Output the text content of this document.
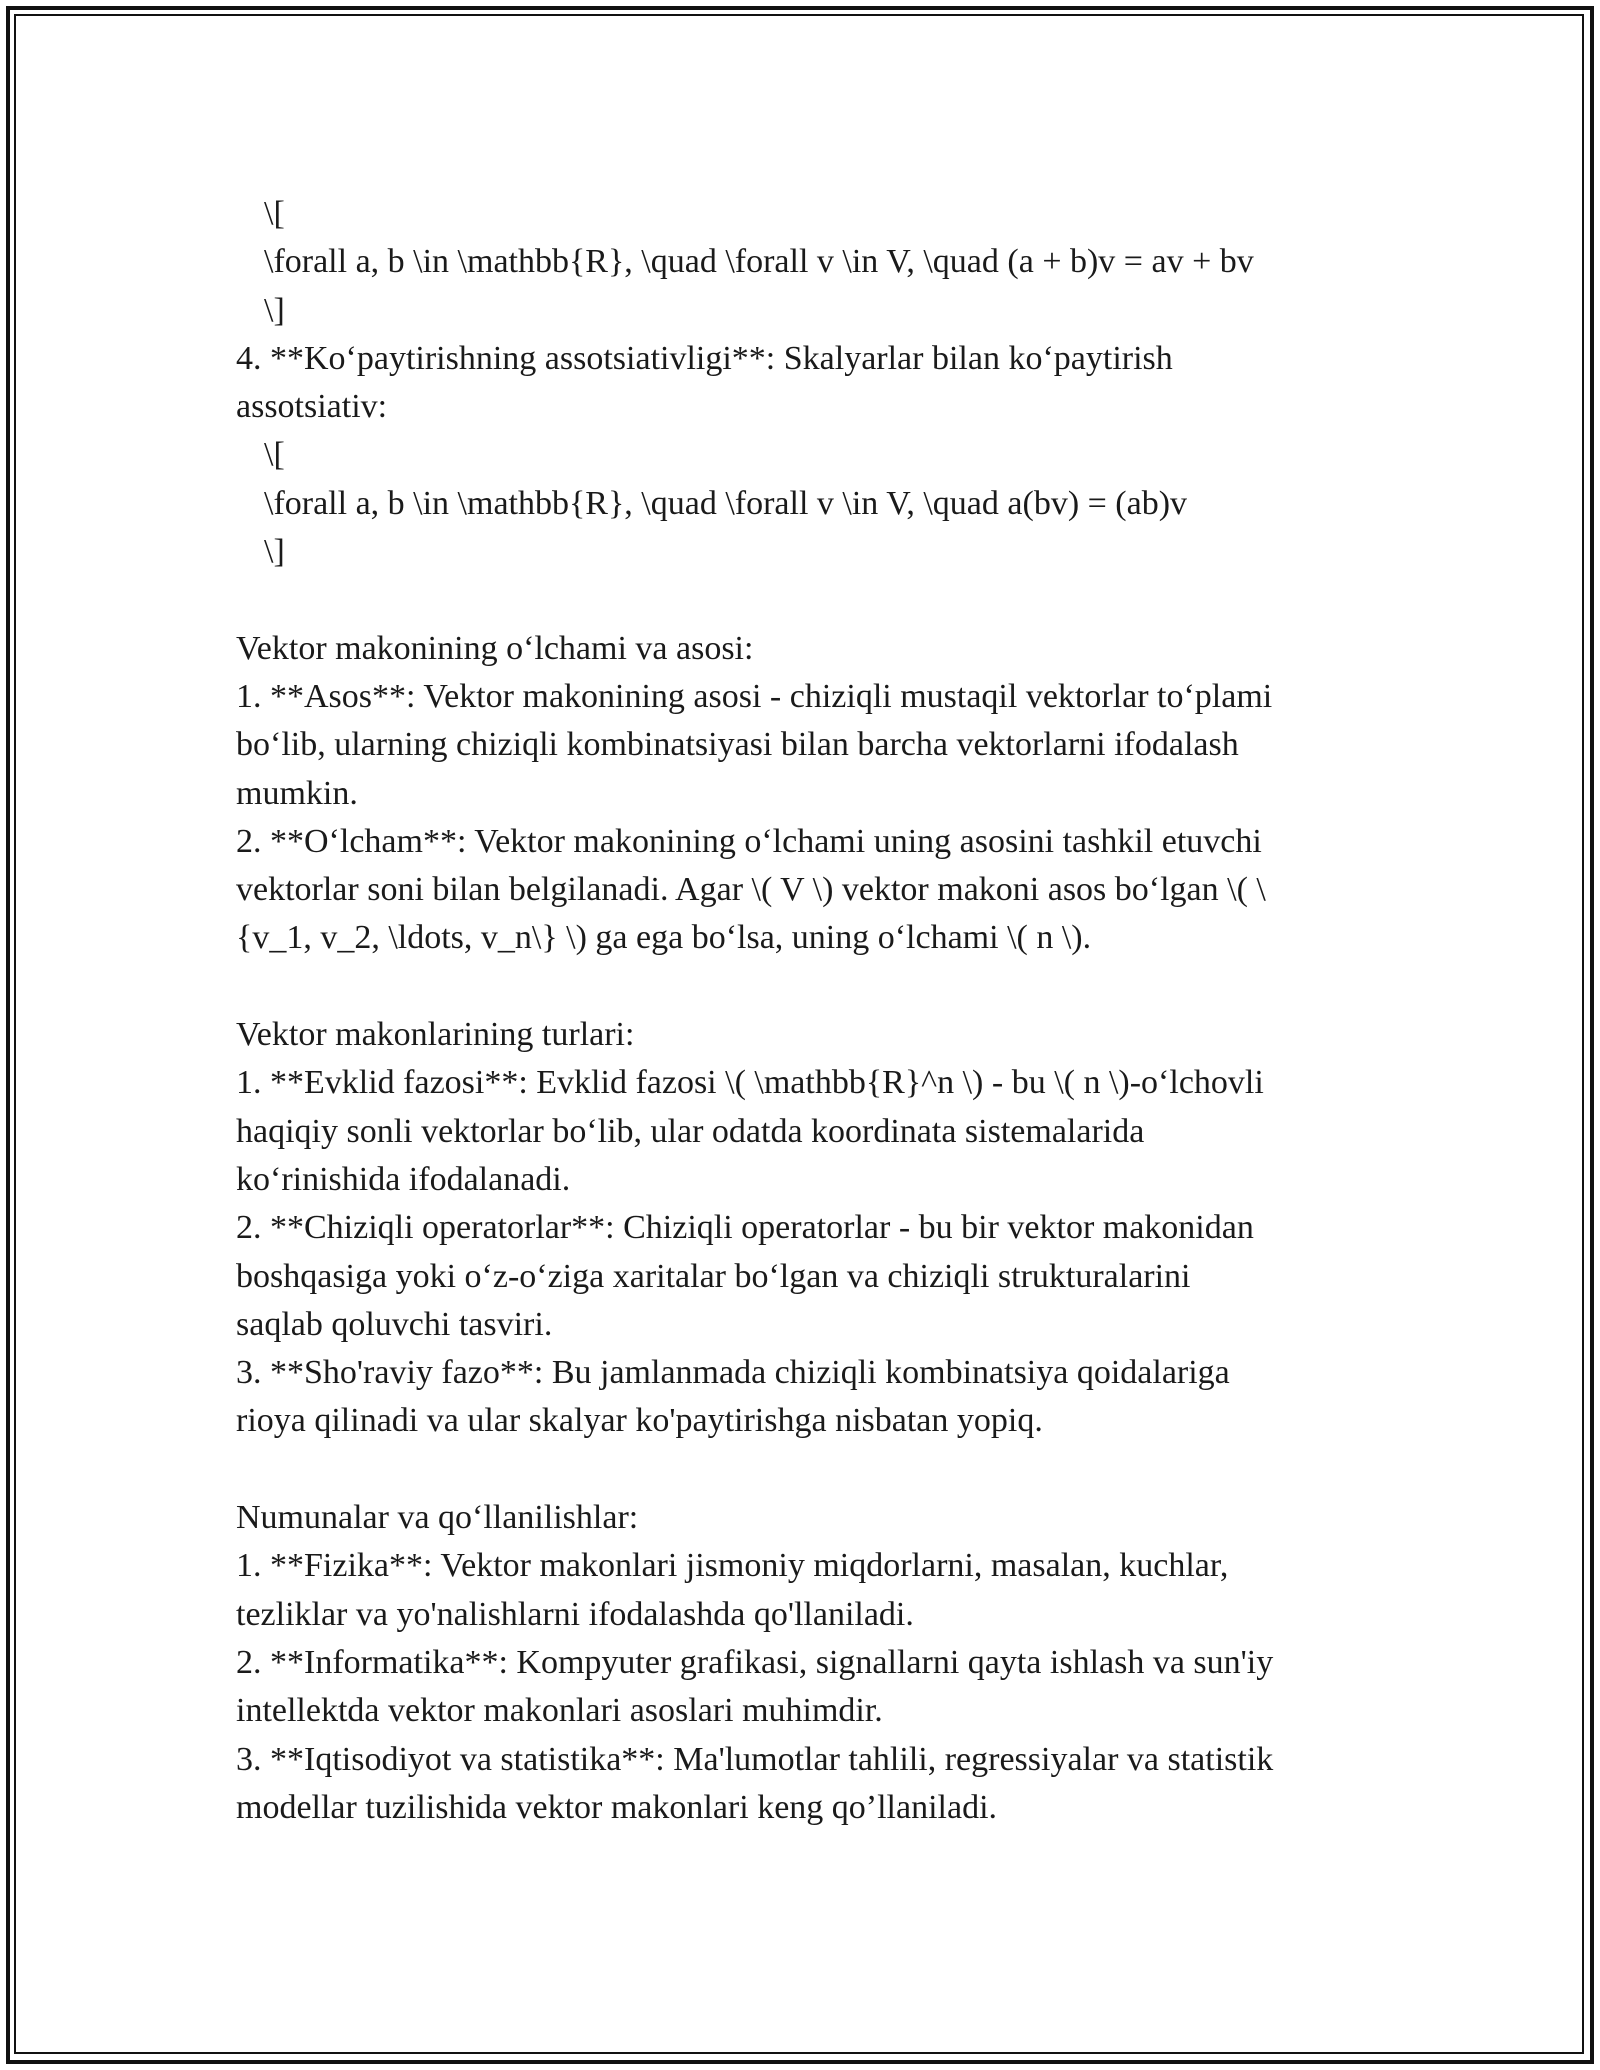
\[

\forall a, b \in \mathbb{R}, \quad \forall v \in V, \quad (a + b)v = av + bv

\]

4. **Ko‘paytirishning assotsiativligi**: Skalyarlar bilan ko‘paytirish

assotsiativ:

\[

\forall a, b \in \mathbb{R}, \quad \forall v \in V, \quad a(bv) = (ab)v

\]

Vektor makonining o‘lchami va asosi:

1. **Asos**: Vektor makonining asosi - chiziqli mustaqil vektorlar to‘plami

bo‘lib, ularning chiziqli kombinatsiyasi bilan barcha vektorlarni ifodalash

mumkin.

2. **O‘lcham**: Vektor makonining o‘lchami uning asosini tashkil etuvchi

vektorlar soni bilan belgilanadi. Agar \( V \) vektor makoni asos bo‘lgan \( \

{v_1, v_2, \ldots, v_n\} \) ga ega bo‘lsa, uning o‘lchami \( n \).

Vektor makonlarining turlari:

1. **Evklid fazosi**: Evklid fazosi \( \mathbb{R}^n \) - bu \( n \)-o‘lchovli

haqiqiy sonli vektorlar bo‘lib, ular odatda koordinata sistemalarida

ko‘rinishida ifodalanadi.

2. **Chiziqli operatorlar**: Chiziqli operatorlar - bu bir vektor makonidan

boshqasiga yoki o‘z-o‘ziga xaritalar bo‘lgan va chiziqli strukturalarini

saqlab qoluvchi tasviri.

3. **Sho'raviy fazo**: Bu jamlanmada chiziqli kombinatsiya qoidalariga

rioya qilinadi va ular skalyar ko'paytirishga nisbatan yopiq.

Numunalar va qo‘llanilishlar:

1. **Fizika**: Vektor makonlari jismoniy miqdorlarni, masalan, kuchlar,

tezliklar va yo'nalishlarni ifodalashda qo'llaniladi.

2. **Informatika**: Kompyuter grafikasi, signallarni qayta ishlash va sun'iy

intellektda vektor makonlari asoslari muhimdir.

3. **Iqtisodiyot va statistika**: Ma'lumotlar tahlili, regressiyalar va statistik

modellar tuzilishida vektor makonlari keng qo’llaniladi.
